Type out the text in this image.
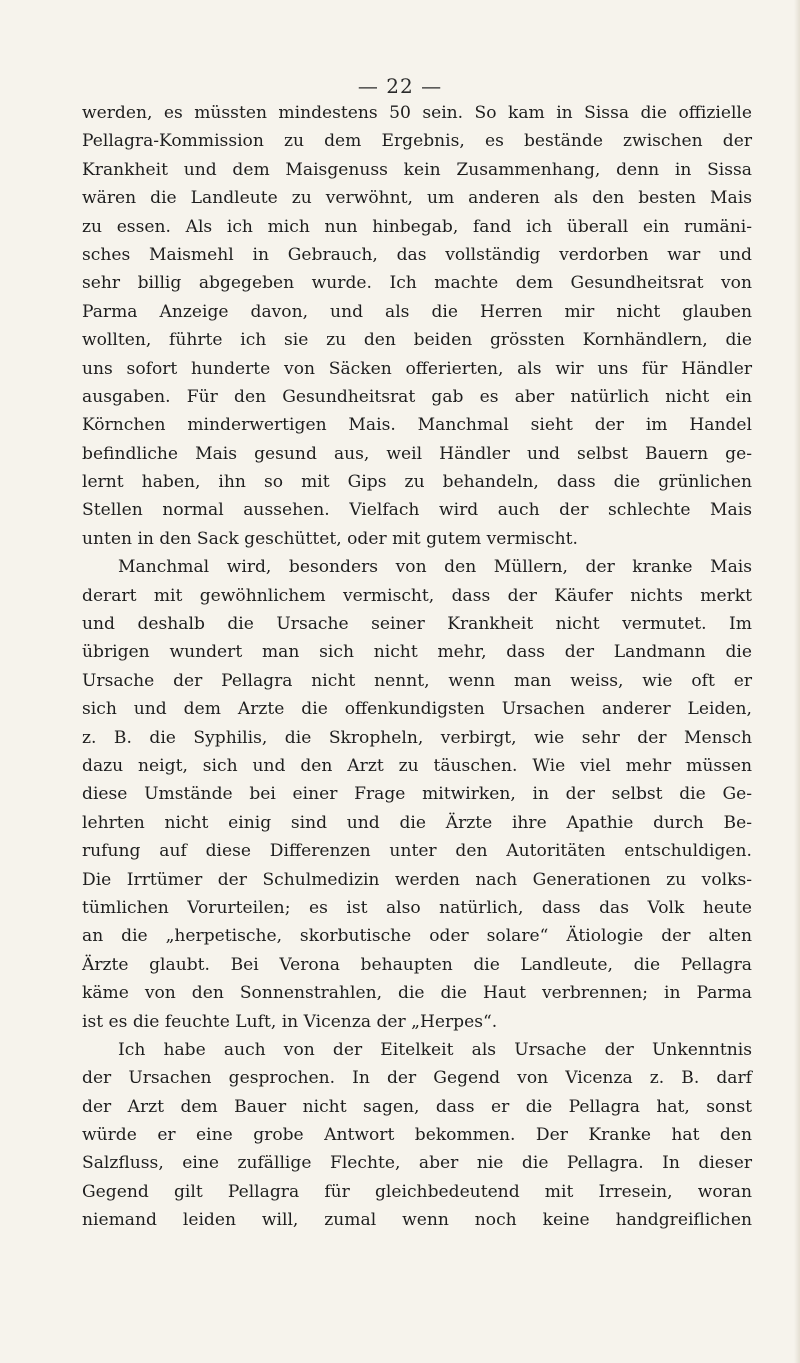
— 22 —
werden, es müssten mindestens 50 sein. So kam in Sissa die offizielle
Pellagra-Kommission zu dem Ergebnis, es bestände zwischen der
Krankheit und dem Maisgenuss kein Zusammenhang, denn in Sissa
wären die Landleute zu verwöhnt, um anderen als den besten Mais
zu essen. Als ich mich nun hinbegab, fand ich überall ein rumäni-
sches Maismehl in Gebrauch, das vollständig verdorben war und
sehr billig abgegeben wurde. Ich machte dem Gesundheitsrat von
Parma Anzeige davon, und als die Herren mir nicht glauben
wollten, führte ich sie zu den beiden grössten Kornhändlern, die
uns sofort hunderte von Säcken offerierten, als wir uns für Händler
ausgaben. Für den Gesundheitsrat gab es aber natürlich nicht ein
Körnchen minderwertigen Mais. Manchmal sieht der im Handel
befindliche Mais gesund aus, weil Händler und selbst Bauern ge-
lernt haben, ihn so mit Gips zu behandeln, dass die grünlichen
Stellen normal aussehen. Vielfach wird auch der schlechte Mais
unten in den Sack geschüttet, oder mit gutem vermischt.
Manchmal wird, besonders von den Müllern, der kranke Mais
derart mit gewöhnlichem vermischt, dass der Käufer nichts merkt
und deshalb die Ursache seiner Krankheit nicht vermutet. Im
übrigen wundert man sich nicht mehr, dass der Landmann die
Ursache der Pellagra nicht nennt, wenn man weiss, wie oft er
sich und dem Arzte die offenkundigsten Ursachen anderer Leiden,
z. B. die Syphilis, die Skropheln, verbirgt, wie sehr der Mensch
dazu neigt, sich und den Arzt zu täuschen. Wie viel mehr müssen
diese Umstände bei einer Frage mitwirken, in der selbst die Ge-
lehrten nicht einig sind und die Ärzte ihre Apathie durch Be-
rufung auf diese Differenzen unter den Autoritäten entschuldigen.
Die Irrtümer der Schulmedizin werden nach Generationen zu volks-
tümlichen Vorurteilen; es ist also natürlich, dass das Volk heute
an die „herpetische, skorbutische oder solare“ Ätiologie der alten
Ärzte glaubt. Bei Verona behaupten die Landleute, die Pellagra
käme von den Sonnenstrahlen, die die Haut verbrennen; in Parma
ist es die feuchte Luft, in Vicenza der „Herpes“.
Ich habe auch von der Eitelkeit als Ursache der Unkenntnis
der Ursachen gesprochen. In der Gegend von Vicenza z. B. darf
der Arzt dem Bauer nicht sagen, dass er die Pellagra hat, sonst
würde er eine grobe Antwort bekommen. Der Kranke hat den
Salzfluss, eine zufällige Flechte, aber nie die Pellagra. In dieser
Gegend gilt Pellagra für gleichbedeutend mit Irresein, woran
niemand leiden will, zumal wenn noch keine handgreiflichen
